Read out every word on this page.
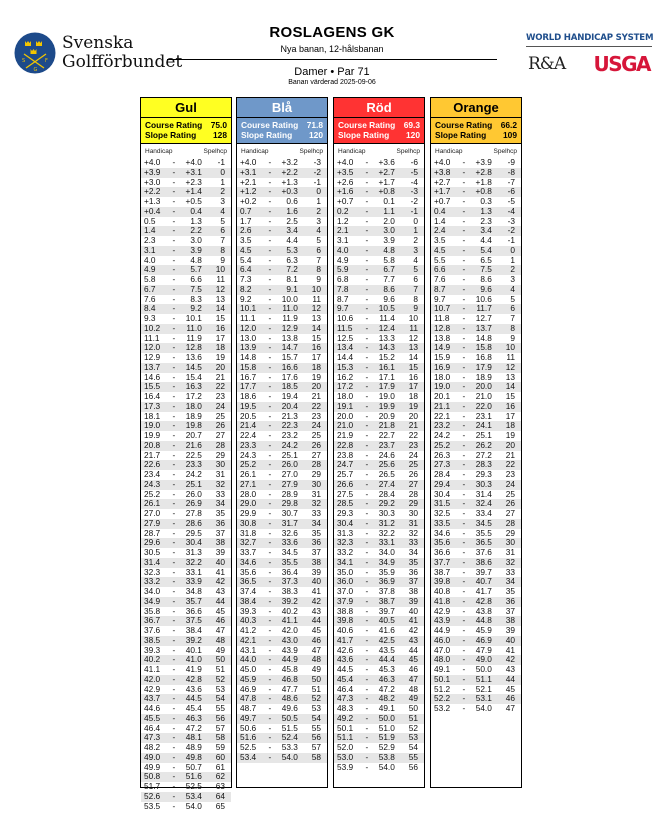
S	F
G
Svenska
Golfförbundet
ROSLAGENS GK
Nya banan, 12-hålsbanan
Damer • Par 71
Banan värderad 2025-09-06
WORLD HANDICAP SYSTEM
R&A USGA
Gul
Course Rating 75.0
Slope Rating 128
Handicap	Spelhcp
+4.0	-	+4.0	-1
+3.9	-	+3.1	0
+3.0	-	+2.3	1
+2.2	-	+1.4	2
+1.3	-	+0.5	3
+0.4	-	0.4	4
0.5	-	1.3	5
1.4	-	2.2	6
2.3	-	3.0	7
3.1	-	3.9	8
4.0	-	4.8	9
4.9	-	5.7	10
5.8	-	6.6	11
6.7	-	7.5	12
7.6	-	8.3	13
8.4	-	9.2	14
9.3	-	10.1	15
10.2	-	11.0	16
11.1	-	11.9	17
12.0	-	12.8	18
12.9	-	13.6	19
13.7	-	14.5	20
14.6	-	15.4	21
15.5	-	16.3	22
16.4	-	17.2	23
17.3	-	18.0	24
18.1	-	18.9	25
19.0	-	19.8	26
19.9	-	20.7	27
20.8	-	21.6	28
21.7	-	22.5	29
22.6	-	23.3	30
23.4	-	24.2	31
24.3	-	25.1	32
25.2	-	26.0	33
26.1	-	26.9	34
27.0	-	27.8	35
27.9	-	28.6	36
28.7	-	29.5	37
29.6	-	30.4	38
30.5	-	31.3	39
31.4	-	32.2	40
32.3	-	33.1	41
33.2	-	33.9	42
34.0	-	34.8	43
34.9	-	35.7	44
35.8	-	36.6	45
36.7	-	37.5	46
37.6	-	38.4	47
38.5	-	39.2	48
39.3	-	40.1	49
40.2	-	41.0	50
41.1	-	41.9	51
42.0	-	42.8	52
42.9	-	43.6	53
43.7	-	44.5	54
44.6	-	45.4	55
45.5	-	46.3	56
46.4	-	47.2	57
47.3	-	48.1	58
48.2	-	48.9	59
49.0	-	49.8	60
49.9	-	50.7	61
50.8	-	51.6	62
51.7	-	52.5	63
52.6	-	53.4	64
53.5	-	54.0	65
Blå
Course Rating 71.8
Slope Rating 120
Handicap	Spelhcp
+4.0	-	+3.2	-3
+3.1	-	+2.2	-2
+2.1	-	+1.3	-1
+1.2	-	+0.3	0
+0.2	-	0.6	1
0.7	-	1.6	2
1.7	-	2.5	3
2.6	-	3.4	4
3.5	-	4.4	5
4.5	-	5.3	6
5.4	-	6.3	7
6.4	-	7.2	8
7.3	-	8.1	9
8.2	-	9.1	10
9.2	-	10.0	11
10.1	-	11.0	12
11.1	-	11.9	13
12.0	-	12.9	14
13.0	-	13.8	15
13.9	-	14.7	16
14.8	-	15.7	17
15.8	-	16.6	18
16.7	-	17.6	19
17.7	-	18.5	20
18.6	-	19.4	21
19.5	-	20.4	22
20.5	-	21.3	23
21.4	-	22.3	24
22.4	-	23.2	25
23.3	-	24.2	26
24.3	-	25.1	27
25.2	-	26.0	28
26.1	-	27.0	29
27.1	-	27.9	30
28.0	-	28.9	31
29.0	-	29.8	32
29.9	-	30.7	33
30.8	-	31.7	34
31.8	-	32.6	35
32.7	-	33.6	36
33.7	-	34.5	37
34.6	-	35.5	38
35.6	-	36.4	39
36.5	-	37.3	40
37.4	-	38.3	41
38.4	-	39.2	42
39.3	-	40.2	43
40.3	-	41.1	44
41.2	-	42.0	45
42.1	-	43.0	46
43.1	-	43.9	47
44.0	-	44.9	48
45.0	-	45.8	49
45.9	-	46.8	50
46.9	-	47.7	51
47.8	-	48.6	52
48.7	-	49.6	53
49.7	-	50.5	54
50.6	-	51.5	55
51.6	-	52.4	56
52.5	-	53.3	57
53.4	-	54.0	58
Röd
Course Rating 69.3
Slope Rating 120
Handicap	Spelhcp
+4.0	-	+3.6	-6
+3.5	-	+2.7	-5
+2.6	-	+1.7	-4
+1.6	-	+0.8	-3
+0.7	-	0.1	-2
0.2	-	1.1	-1
1.2	-	2.0	0
2.1	-	3.0	1
3.1	-	3.9	2
4.0	-	4.8	3
4.9	-	5.8	4
5.9	-	6.7	5
6.8	-	7.7	6
7.8	-	8.6	7
8.7	-	9.6	8
9.7	-	10.5	9
10.6	-	11.4	10
11.5	-	12.4	11
12.5	-	13.3	12
13.4	-	14.3	13
14.4	-	15.2	14
15.3	-	16.1	15
16.2	-	17.1	16
17.2	-	17.9	17
18.0	-	19.0	18
19.1	-	19.9	19
20.0	-	20.9	20
21.0	-	21.8	21
21.9	-	22.7	22
22.8	-	23.7	23
23.8	-	24.6	24
24.7	-	25.6	25
25.7	-	26.5	26
26.6	-	27.4	27
27.5	-	28.4	28
28.5	-	29.2	29
29.3	-	30.3	30
30.4	-	31.2	31
31.3	-	32.2	32
32.3	-	33.1	33
33.2	-	34.0	34
34.1	-	34.9	35
35.0	-	35.9	36
36.0	-	36.9	37
37.0	-	37.8	38
37.9	-	38.7	39
38.8	-	39.7	40
39.8	-	40.5	41
40.6	-	41.6	42
41.7	-	42.5	43
42.6	-	43.5	44
43.6	-	44.4	45
44.5	-	45.3	46
45.4	-	46.3	47
46.4	-	47.2	48
47.3	-	48.2	49
48.3	-	49.1	50
49.2	-	50.0	51
50.1	-	51.0	52
51.1	-	51.9	53
52.0	-	52.9	54
53.0	-	53.8	55
53.9	-	54.0	56
Orange
Course Rating 66.2
Slope Rating 109
Handicap	Spelhcp
+4.0	-	+3.9	-9
+3.8	-	+2.8	-8
+2.7	-	+1.8	-7
+1.7	-	+0.8	-6
+0.7	-	0.3	-5
0.4	-	1.3	-4
1.4	-	2.3	-3
2.4	-	3.4	-2
3.5	-	4.4	-1
4.5	-	5.4	0
5.5	-	6.5	1
6.6	-	7.5	2
7.6	-	8.6	3
8.7	-	9.6	4
9.7	-	10.6	5
10.7	-	11.7	6
11.8	-	12.7	7
12.8	-	13.7	8
13.8	-	14.8	9
14.9	-	15.8	10
15.9	-	16.8	11
16.9	-	17.9	12
18.0	-	18.9	13
19.0	-	20.0	14
20.1	-	21.0	15
21.1	-	22.0	16
22.1	-	23.1	17
23.2	-	24.1	18
24.2	-	25.1	19
25.2	-	26.2	20
26.3	-	27.2	21
27.3	-	28.3	22
28.4	-	29.3	23
29.4	-	30.3	24
30.4	-	31.4	25
31.5	-	32.4	26
32.5	-	33.4	27
33.5	-	34.5	28
34.6	-	35.5	29
35.6	-	36.5	30
36.6	-	37.6	31
37.7	-	38.6	32
38.7	-	39.7	33
39.8	-	40.7	34
40.8	-	41.7	35
41.8	-	42.8	36
42.9	-	43.8	37
43.9	-	44.8	38
44.9	-	45.9	39
46.0	-	46.9	40
47.0	-	47.9	41
48.0	-	49.0	42
49.1	-	50.0	43
50.1	-	51.1	44
51.2	-	52.1	45
52.2	-	53.1	46
53.2	-	54.0	47
